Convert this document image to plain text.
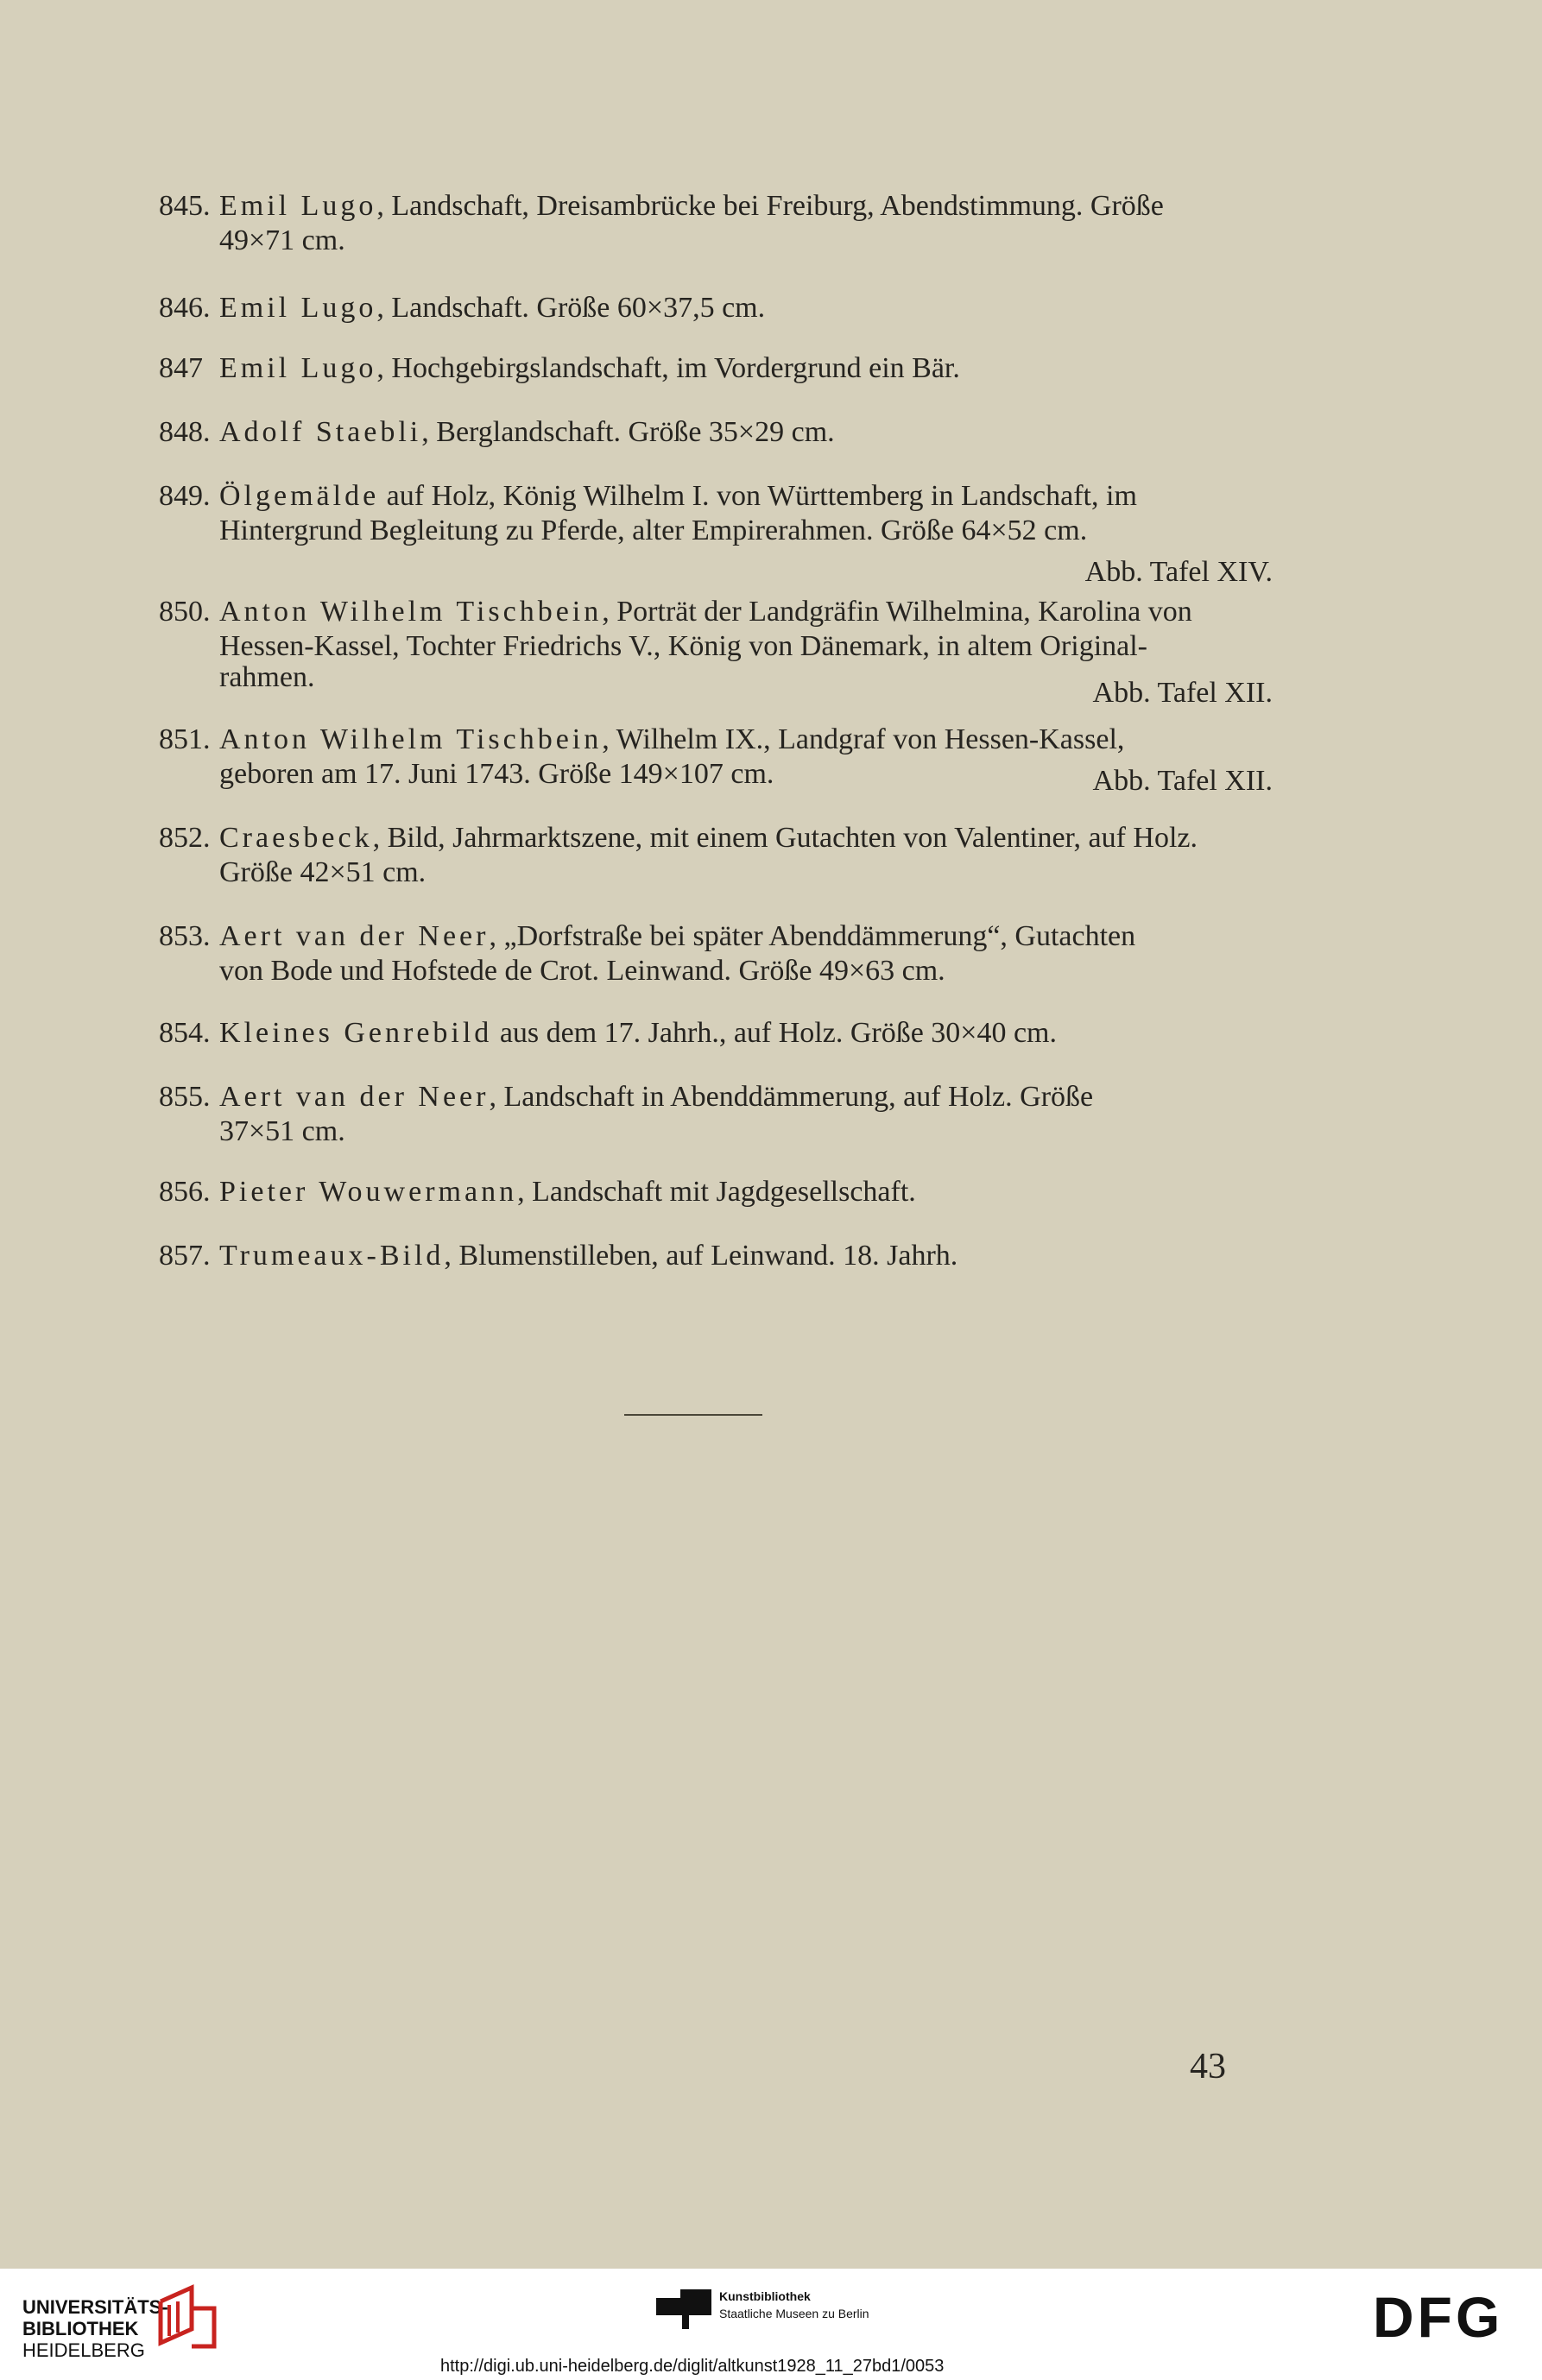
845. Emil Lugo, Landschaft, Dreisambrücke bei Freiburg, Abendstimmung. Größe
49×71 cm.
846. Emil Lugo, Landschaft. Größe 60×37,5 cm.
847 Emil Lugo, Hochgebirgslandschaft, im Vordergrund ein Bär.
848. Adolf Staebli, Berglandschaft. Größe 35×29 cm.
849. Ölgemälde auf Holz, König Wilhelm I. von Württemberg in Landschaft, im
Hintergrund Begleitung zu Pferde, alter Empirerahmen. Größe 64×52 cm.
Abb. Tafel XIV.
850. Anton Wilhelm Tischbein, Porträt der Landgräfin Wilhelmina, Karolina von
Hessen-Kassel, Tochter Friedrichs V., König von Dänemark, in altem Original-
rahmen.	Abb. Tafel XII.
851. Anton Wilhelm Tischbein, Wilhelm IX., Landgraf von Hessen-Kassel,
geboren am 17. Juni 1743. Größe 149×107 cm.	Abb. Tafel XII.
852. Craesbeck, Bild, Jahrmarktszene, mit einem Gutachten von Valentiner, auf Holz.
Größe 42×51 cm.
853. Aert van der Neer, „Dorfstraße bei später Abenddämmerung“, Gutachten
von Bode und Hofstede de Crot. Leinwand. Größe 49×63 cm.
854. Kleines Genrebild aus dem 17. Jahrh., auf Holz. Größe 30×40 cm.
855. Aert van der Neer, Landschaft in Abenddämmerung, auf Holz. Größe
37×51 cm.
856. Pieter Wouwermann, Landschaft mit Jagdgesellschaft.
857. Trumeaux-Bild, Blumenstilleben, auf Leinwand. 18. Jahrh.
43
UNIVERSITÄTS-
BIBLIOTHEK
HEIDELBERG
Kunstbibliothek
Staatliche Museen zu Berlin	DFG
http://digi.ub.uni-heidelberg.de/diglit/altkunst1928_11_27bd1/0053
